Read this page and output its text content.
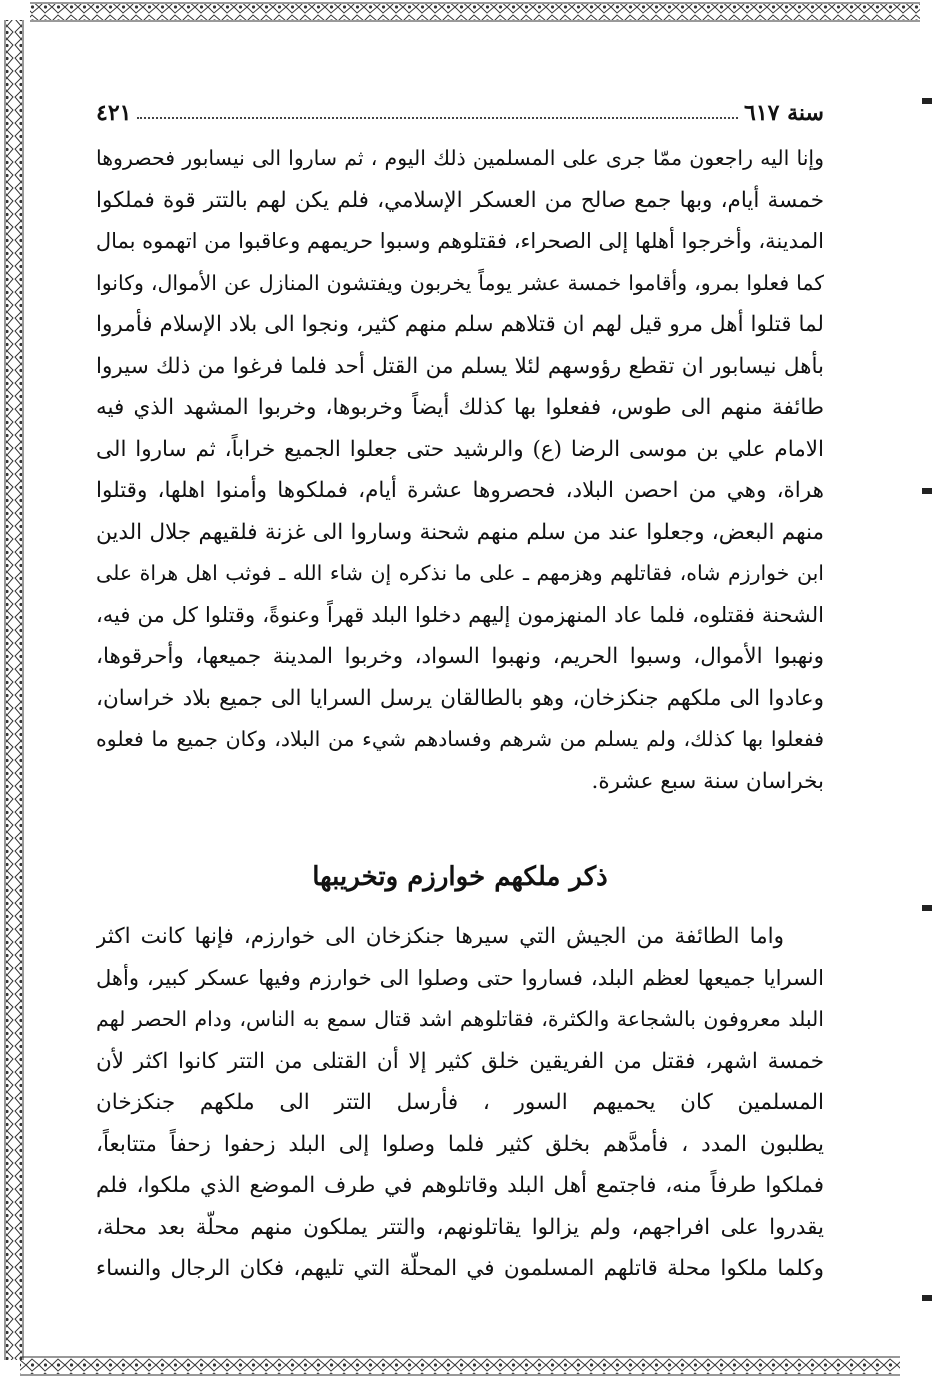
سنة ٦١٧
٤٢١
وإنا اليه راجعون ممّا جرى على المسلمين ذلك اليوم ، ثم ساروا الى نيسابور فحصروها
خمسة أيام، وبها جمع صالح من العسكر الإسلامي، فلم يكن لهم بالتتر قوة فملكوا
المدينة، وأخرجوا أهلها إلى الصحراء، فقتلوهم وسبوا حريمهم وعاقبوا من اتهموه بمال
كما فعلوا بمرو، وأقاموا خمسة عشر يوماً يخربون ويفتشون المنازل عن الأموال، وكانوا
لما قتلوا أهل مرو قيل لهم ان قتلاهم سلم منهم كثير، ونجوا الى بلاد الإسلام فأمروا
بأهل نيسابور ان تقطع رؤوسهم لئلا يسلم من القتل أحد فلما فرغوا من ذلك سيروا
طائفة منهم الى طوس، ففعلوا بها كذلك أيضاً وخربوها، وخربوا المشهد الذي فيه
الامام علي بن موسى الرضا (ع) والرشيد حتى جعلوا الجميع خراباً، ثم ساروا الى
هراة، وهي من احصن البلاد، فحصروها عشرة أيام، فملكوها وأمنوا اهلها، وقتلوا
منهم البعض، وجعلوا عند من سلم منهم شحنة وساروا الى غزنة فلقيهم جلال الدين
ابن خوارزم شاه، فقاتلهم وهزمهم ـ على ما نذكره إن شاء الله ـ فوثب اهل هراة على
الشحنة فقتلوه، فلما عاد المنهزمون إليهم دخلوا البلد قهراً وعنوةً، وقتلوا كل من فيه،
ونهبوا الأموال، وسبوا الحريم، ونهبوا السواد، وخربوا المدينة جميعها، وأحرقوها،
وعادوا الى ملكهم جنكزخان، وهو بالطالقان يرسل السرايا الى جميع بلاد خراسان،
ففعلوا بها كذلك، ولم يسلم من شرهم وفسادهم شيء من البلاد، وكان جميع ما فعلوه
بخراسان سنة سبع عشرة.
ذكر ملكهم خوارزم وتخريبها
واما الطائفة من الجيش التي سيرها جنكزخان الى خوارزم، فإنها كانت اكثر
السرايا جميعها لعظم البلد، فساروا حتى وصلوا الى خوارزم وفيها عسكر كبير، وأهل
البلد معروفون بالشجاعة والكثرة، فقاتلوهم اشد قتال سمع به الناس، ودام الحصر لهم
خمسة اشهر، فقتل من الفريقين خلق كثير إلا أن القتلى من التتر كانوا اكثر لأن
المسلمين كان يحميهم السور ، فأرسل التتر الى ملكهم جنكزخان
يطلبون المدد ، فأمدَّهم بخلق كثير فلما وصلوا إلى البلد زحفوا زحفاً متتابعاً،
فملكوا طرفاً منه، فاجتمع أهل البلد وقاتلوهم في طرف الموضع الذي ملكوا، فلم
يقدروا على افراجهم، ولم يزالوا يقاتلونهم، والتتر يملكون منهم محلّة بعد محلة،
وكلما ملكوا محلة قاتلهم المسلمون في المحلّة التي تليهم، فكان الرجال والنساء
